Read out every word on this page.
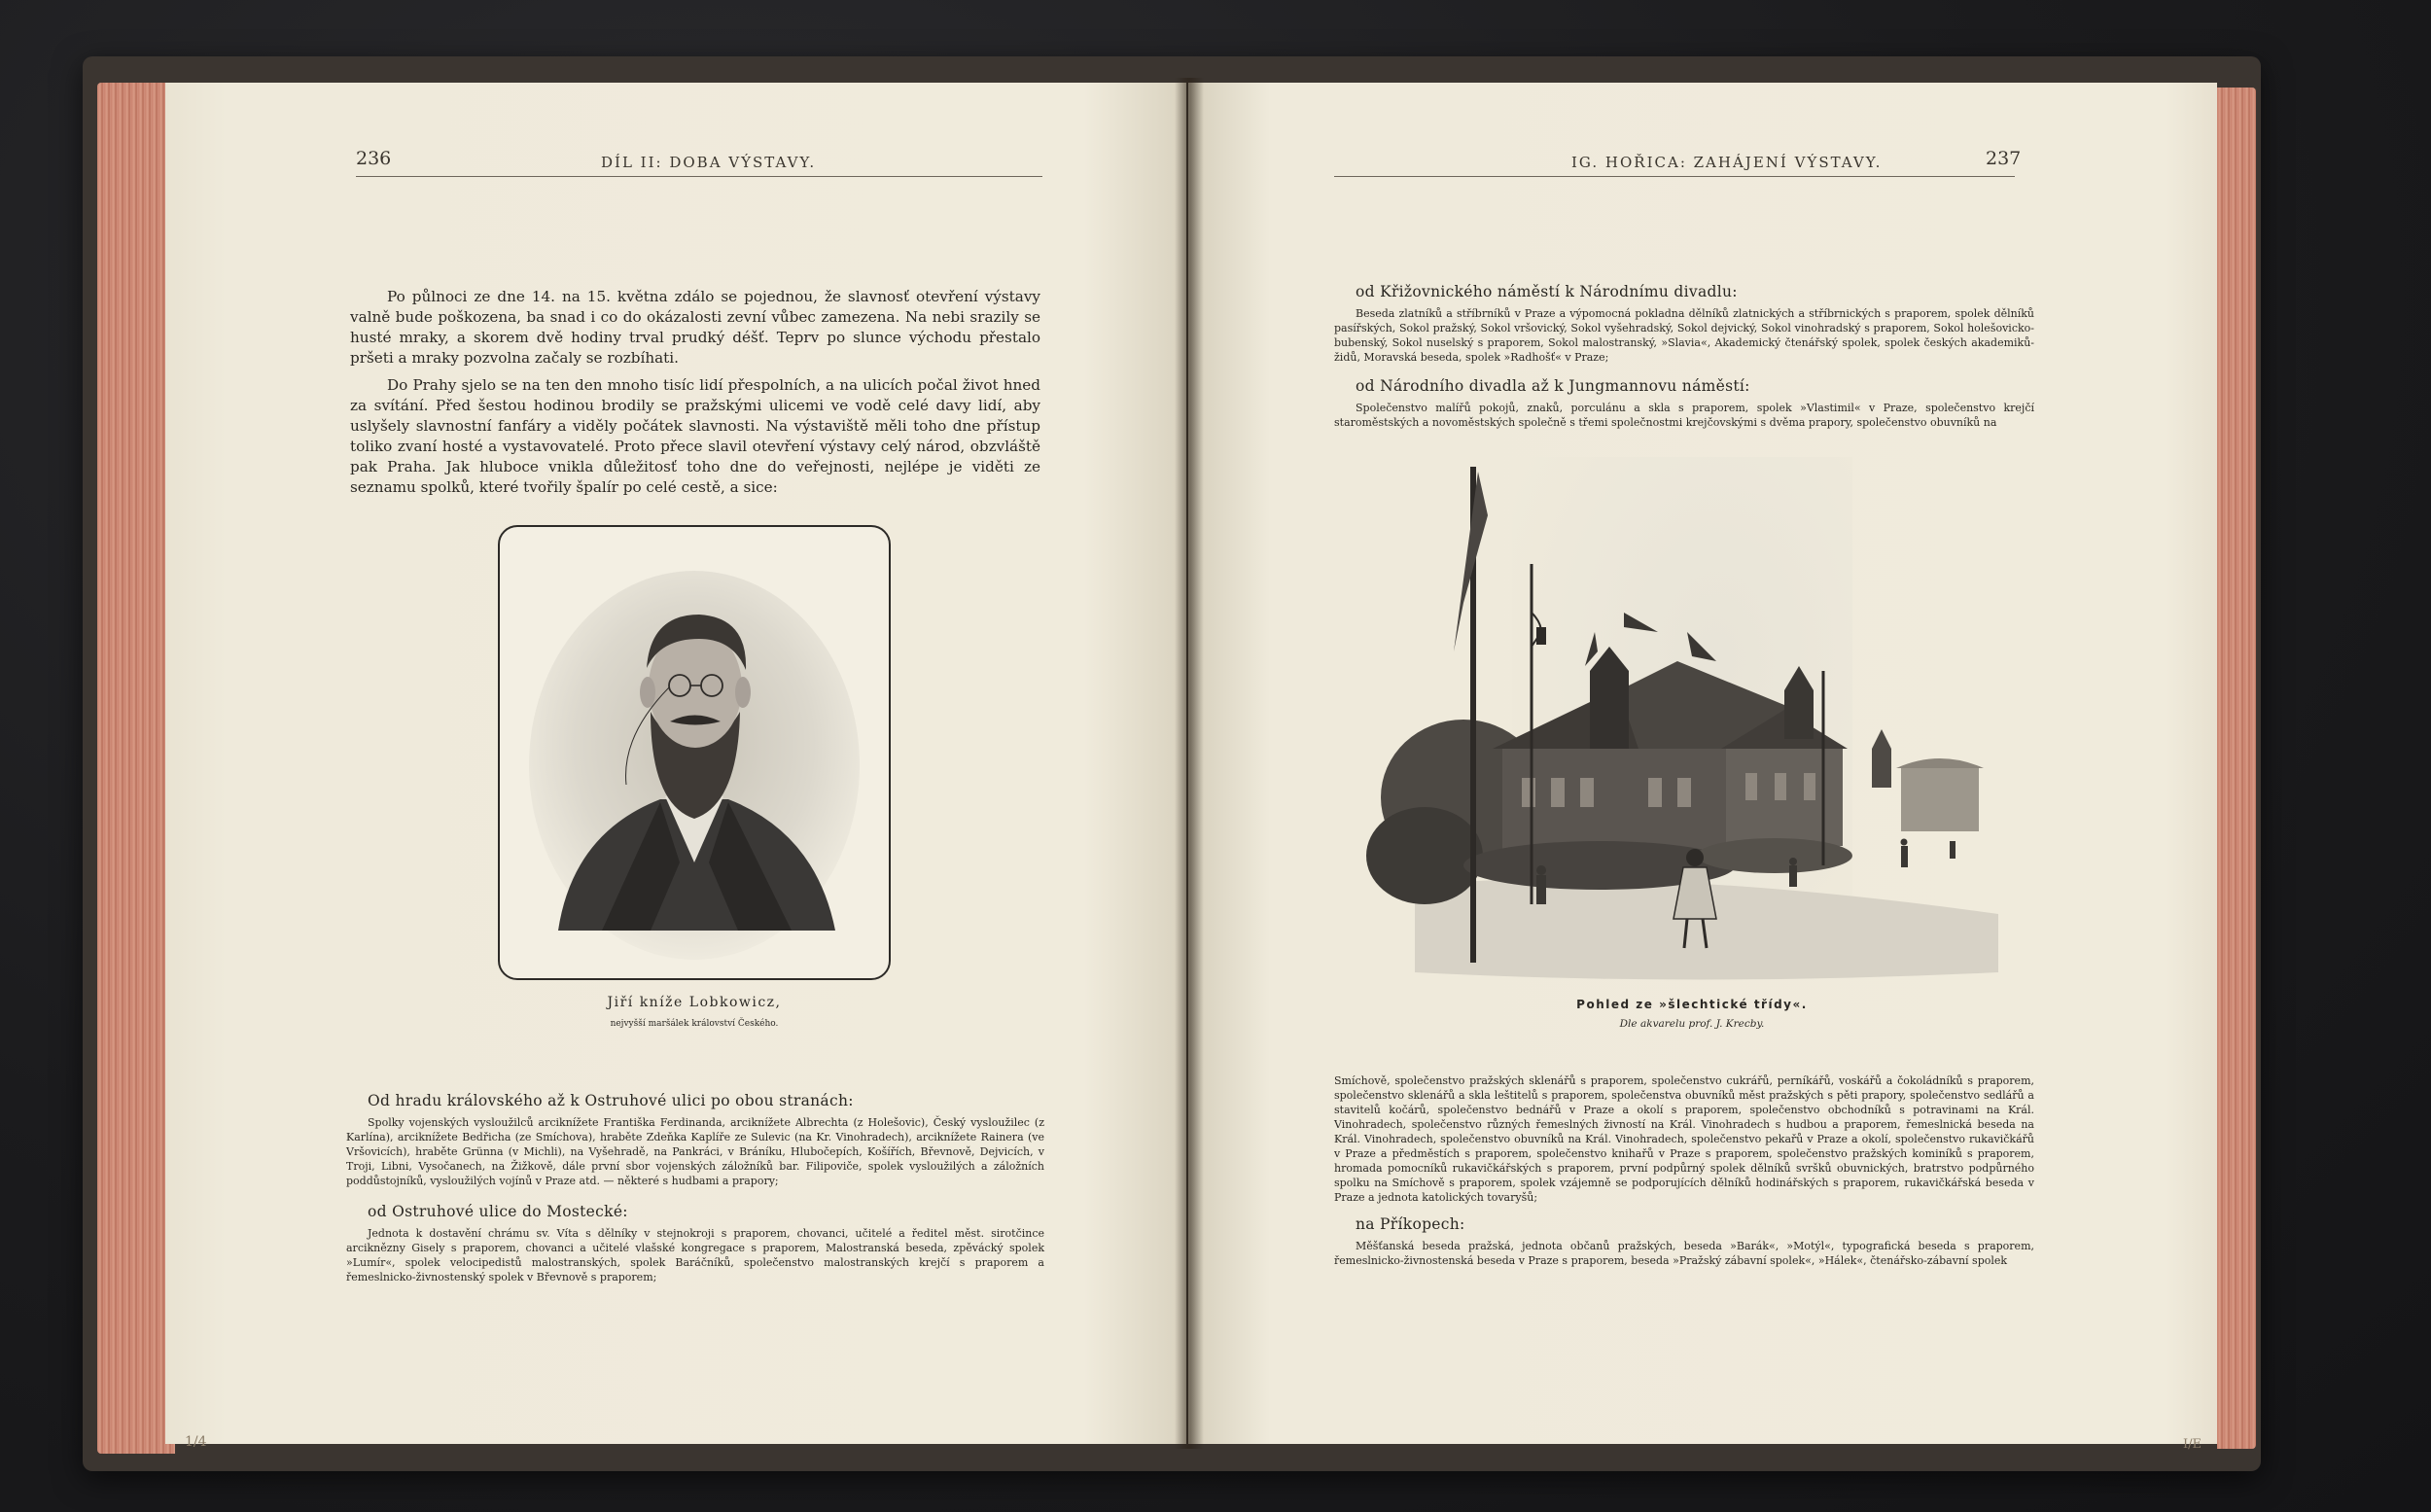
236	DÍL II: DOBA VÝSTAVY.

Po půlnoci ze dne 14. na 15. května zdálo se pojednou, že slavnosť otevření výstavy valně bude poškozena, ba snad i co do okázalosti zevní vůbec zamezena. Na nebi srazily se husté mraky, a skorem dvě hodiny trval prudký déšť. Teprv po slunce východu přestalo pršeti a mraky pozvolna začaly se rozbíhati.

Do Prahy sjelo se na ten den mnoho tisíc lidí přespolních, a na ulicích počal život hned za svítání. Před šestou hodinou brodily se pražskými ulicemi ve vodě celé davy lidí, aby uslyšely slavnostní fanfáry a viděly počátek slavnosti. Na výstaviště měli toho dne přístup toliko zvaní hosté a vystavovatelé. Proto přece slavil otevření výstavy celý národ, obzvláště pak Praha. Jak hluboce vnikla důležitosť toho dne do veřejnosti, nejlépe je viděti ze seznamu spolků, které tvořily špalír po celé cestě, a sice:

Jiří kníže Lobkowicz,
nejvyšší maršálek království Českého.
Od hradu královského až k Ostruhové ulici po obou stranách:

Spolky vojenských vysloužilců arciknížete Františka Ferdinanda, arciknížete Albrechta (z Holešovic), Český vysloužilec (z Karlína), arciknížete Bedřicha (ze Smíchova), hraběte Zdeňka Kaplíře ze Sulevic (na Kr. Vinohradech), arciknížete Rainera (ve Vršovicích), hraběte Grünna (v Michli), na Vyšehradě, na Pankráci, v Bráníku, Hlubočepích, Košířích, Břevnově, Dejvicích, v Troji, Libni, Vysočanech, na Žižkově, dále první sbor vojenských záložníků bar. Filipoviče, spolek vysloužilých a záložních poddůstojníků, vysloužilých vojínů v Praze atd. — některé s hudbami a prapory;

od Ostruhové ulice do Mostecké:

Jednota k dostavění chrámu sv. Víta s dělníky v stejnokroji s praporem, chovanci, učitelé a ředitel měst. sirotčince arciknězny Gisely s praporem, chovanci a učitelé vlašské kongregace s praporem, Malostranská beseda, zpěvácký spolek »Lumír«, spolek velocipedistů malostranských, spolek Baráčníků, společenstvo malostranských krejčí s praporem a řemeslnicko-živnostenský spolek v Břevnově s praporem;

1/4
IG. HOŘICA: ZAHÁJENÍ VÝSTAVY.	237
od Křižovnického náměstí k Národnímu divadlu:

Beseda zlatníků a stříbrníků v Praze a výpomocná pokladna dělníků zlatnických a stříbrnických s praporem, spolek dělníků pasířských, Sokol pražský, Sokol vršovický, Sokol vyšehradský, Sokol dejvický, Sokol vinohradský s praporem, Sokol holešovicko-bubenský, Sokol nuselský s praporem, Sokol malostranský, »Slavia«, Akademický čtenářský spolek, spolek českých akademiků-židů, Moravská beseda, spolek »Radhošť« v Praze;

od Národního divadla až k Jungmannovu náměstí:

Společenstvo malířů pokojů, znaků, porculánu a skla s praporem, spolek »Vlastimil« v Praze, společenstvo krejčí staroměstských a novoměstských společně s třemi společnostmi krejčovskými s dvěma prapory, společenstvo obuvníků na

Pohled ze »šlechtické třídy«.
Dle akvarelu prof. J. Krecby.

Smíchově, společenstvo pražských sklenářů s praporem, společenstvo cukrářů, perníkářů, voskářů a čokoládníků s praporem, společenstvo sklenářů a skla leštitelů s praporem, společenstva obuvníků měst pražských s pěti prapory, společenstvo sedlářů a stavitelů kočárů, společenstvo bednářů v Praze a okolí s praporem, společenstvo obchodníků s potravinami na Král. Vinohradech, společenstvo různých řemeslných živností na Král. Vinohradech s hudbou a praporem, řemeslnická beseda na Král. Vinohradech, společenstvo obuvníků na Král. Vinohradech, společenstvo pekařů v Praze a okolí, společenstvo rukavičkářů v Praze a předměstích s praporem, společenstvo knihařů v Praze s praporem, společenstvo pražských kominíků s praporem, hromada pomocníků rukavičkářských s praporem, první podpůrný spolek dělníků svršků obuvnických, bratrstvo podpůrného spolku na Smíchově s praporem, spolek vzájemně se podporujících dělníků hodinářských s praporem, rukavičkářská beseda v Praze a jednota katolických tovaryšů;

na Příkopech:

Měšťanská beseda pražská, jednota občanů pražských, beseda »Barák«, »Motýl«, typografická beseda s praporem, řemeslnicko-živnostenská beseda v Praze s praporem, beseda »Pražský zábavní spolek«, »Hálek«, čtenářsko-zábavní spolek

I/E
